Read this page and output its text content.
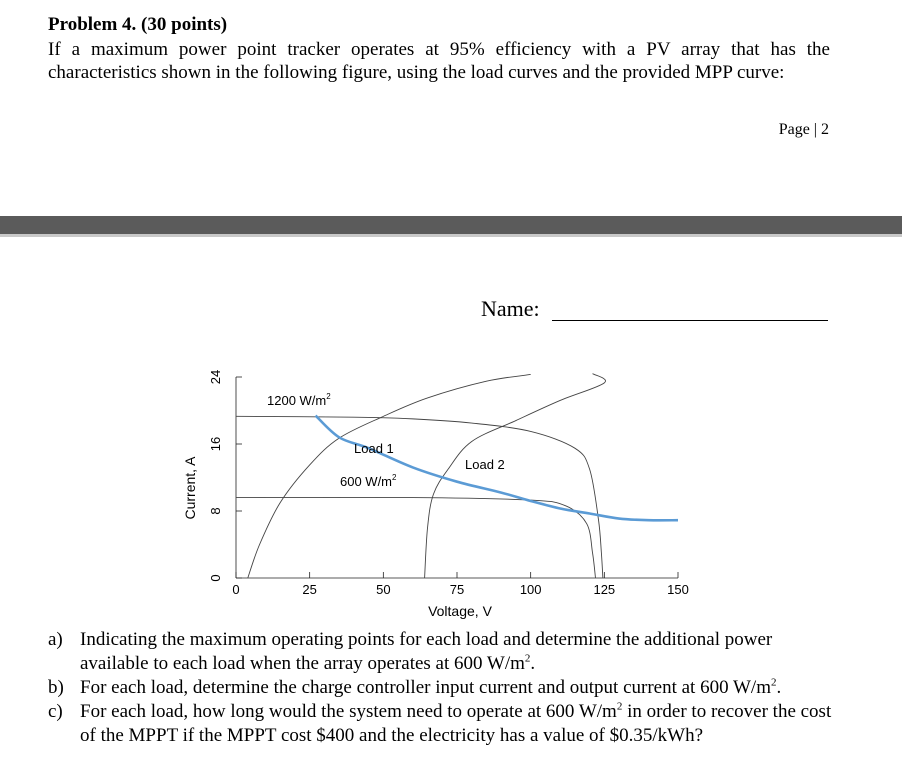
Problem 4. (30 points)
If a maximum power point tracker operates at 95% efficiency with a PV array that has the characteristics shown in the following figure, using the load curves and the provided MPP curve:
Page | 2
Name:
0	25	50	75	100	125	150
0
8
16
24
Current, A
Voltage, V
1200 $W/m^2$
600 $W/m^2$
Load 1
Load 2

a) Indicating the maximum operating points for each load and determine the additional power available to each load when the array operates at 600 $W/m^2$.

b) For each load, determine the charge controller input current and output current at 600 $W/m^2$.

c) For each load, how long would the system need to operate at 600 $W/m^2$ in order to recover the cost of the MPPT if the MPPT cost $400 and the electricity has a value of $0.35/kWh?
